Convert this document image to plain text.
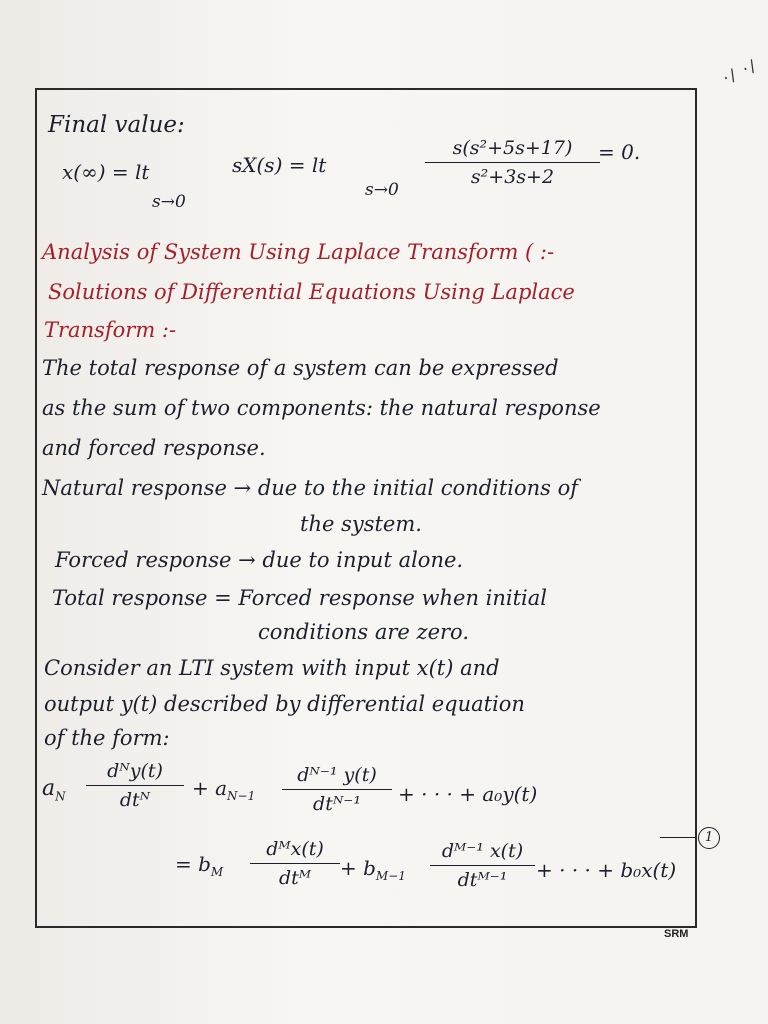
·/ ·/
Final value:
x(∞) = lt	sX(s) = lt
s→0
s→0
s(s²+5s+17)
s²+3s+2
= 0.
Analysis of System Using Laplace Transform ( :-
Solutions of Differential Equations Using Laplace
Transform :-
The total response of a system can be expressed
as the sum of two components: the natural response
and forced response.
Natural response → due to the initial conditions of
the system.
Forced response → due to input alone.
Total response = Forced response when initial
conditions are zero.
Consider an LTI system with input x(t) and
output y(t) described by differential equation
of the form:
$a_N$
dᴺy(t)
dtᴺ	+ $a_{N-1}$
dᴺ⁻¹ y(t)
dtᴺ⁻¹	+ · · · + a₀y(t)
= $b_M$
dᴹx(t)
dtᴹ	+ $b_{M-1}$
dᴹ⁻¹ x(t)
dtᴹ⁻¹	+ · · · + b₀x(t)
1
SRM
